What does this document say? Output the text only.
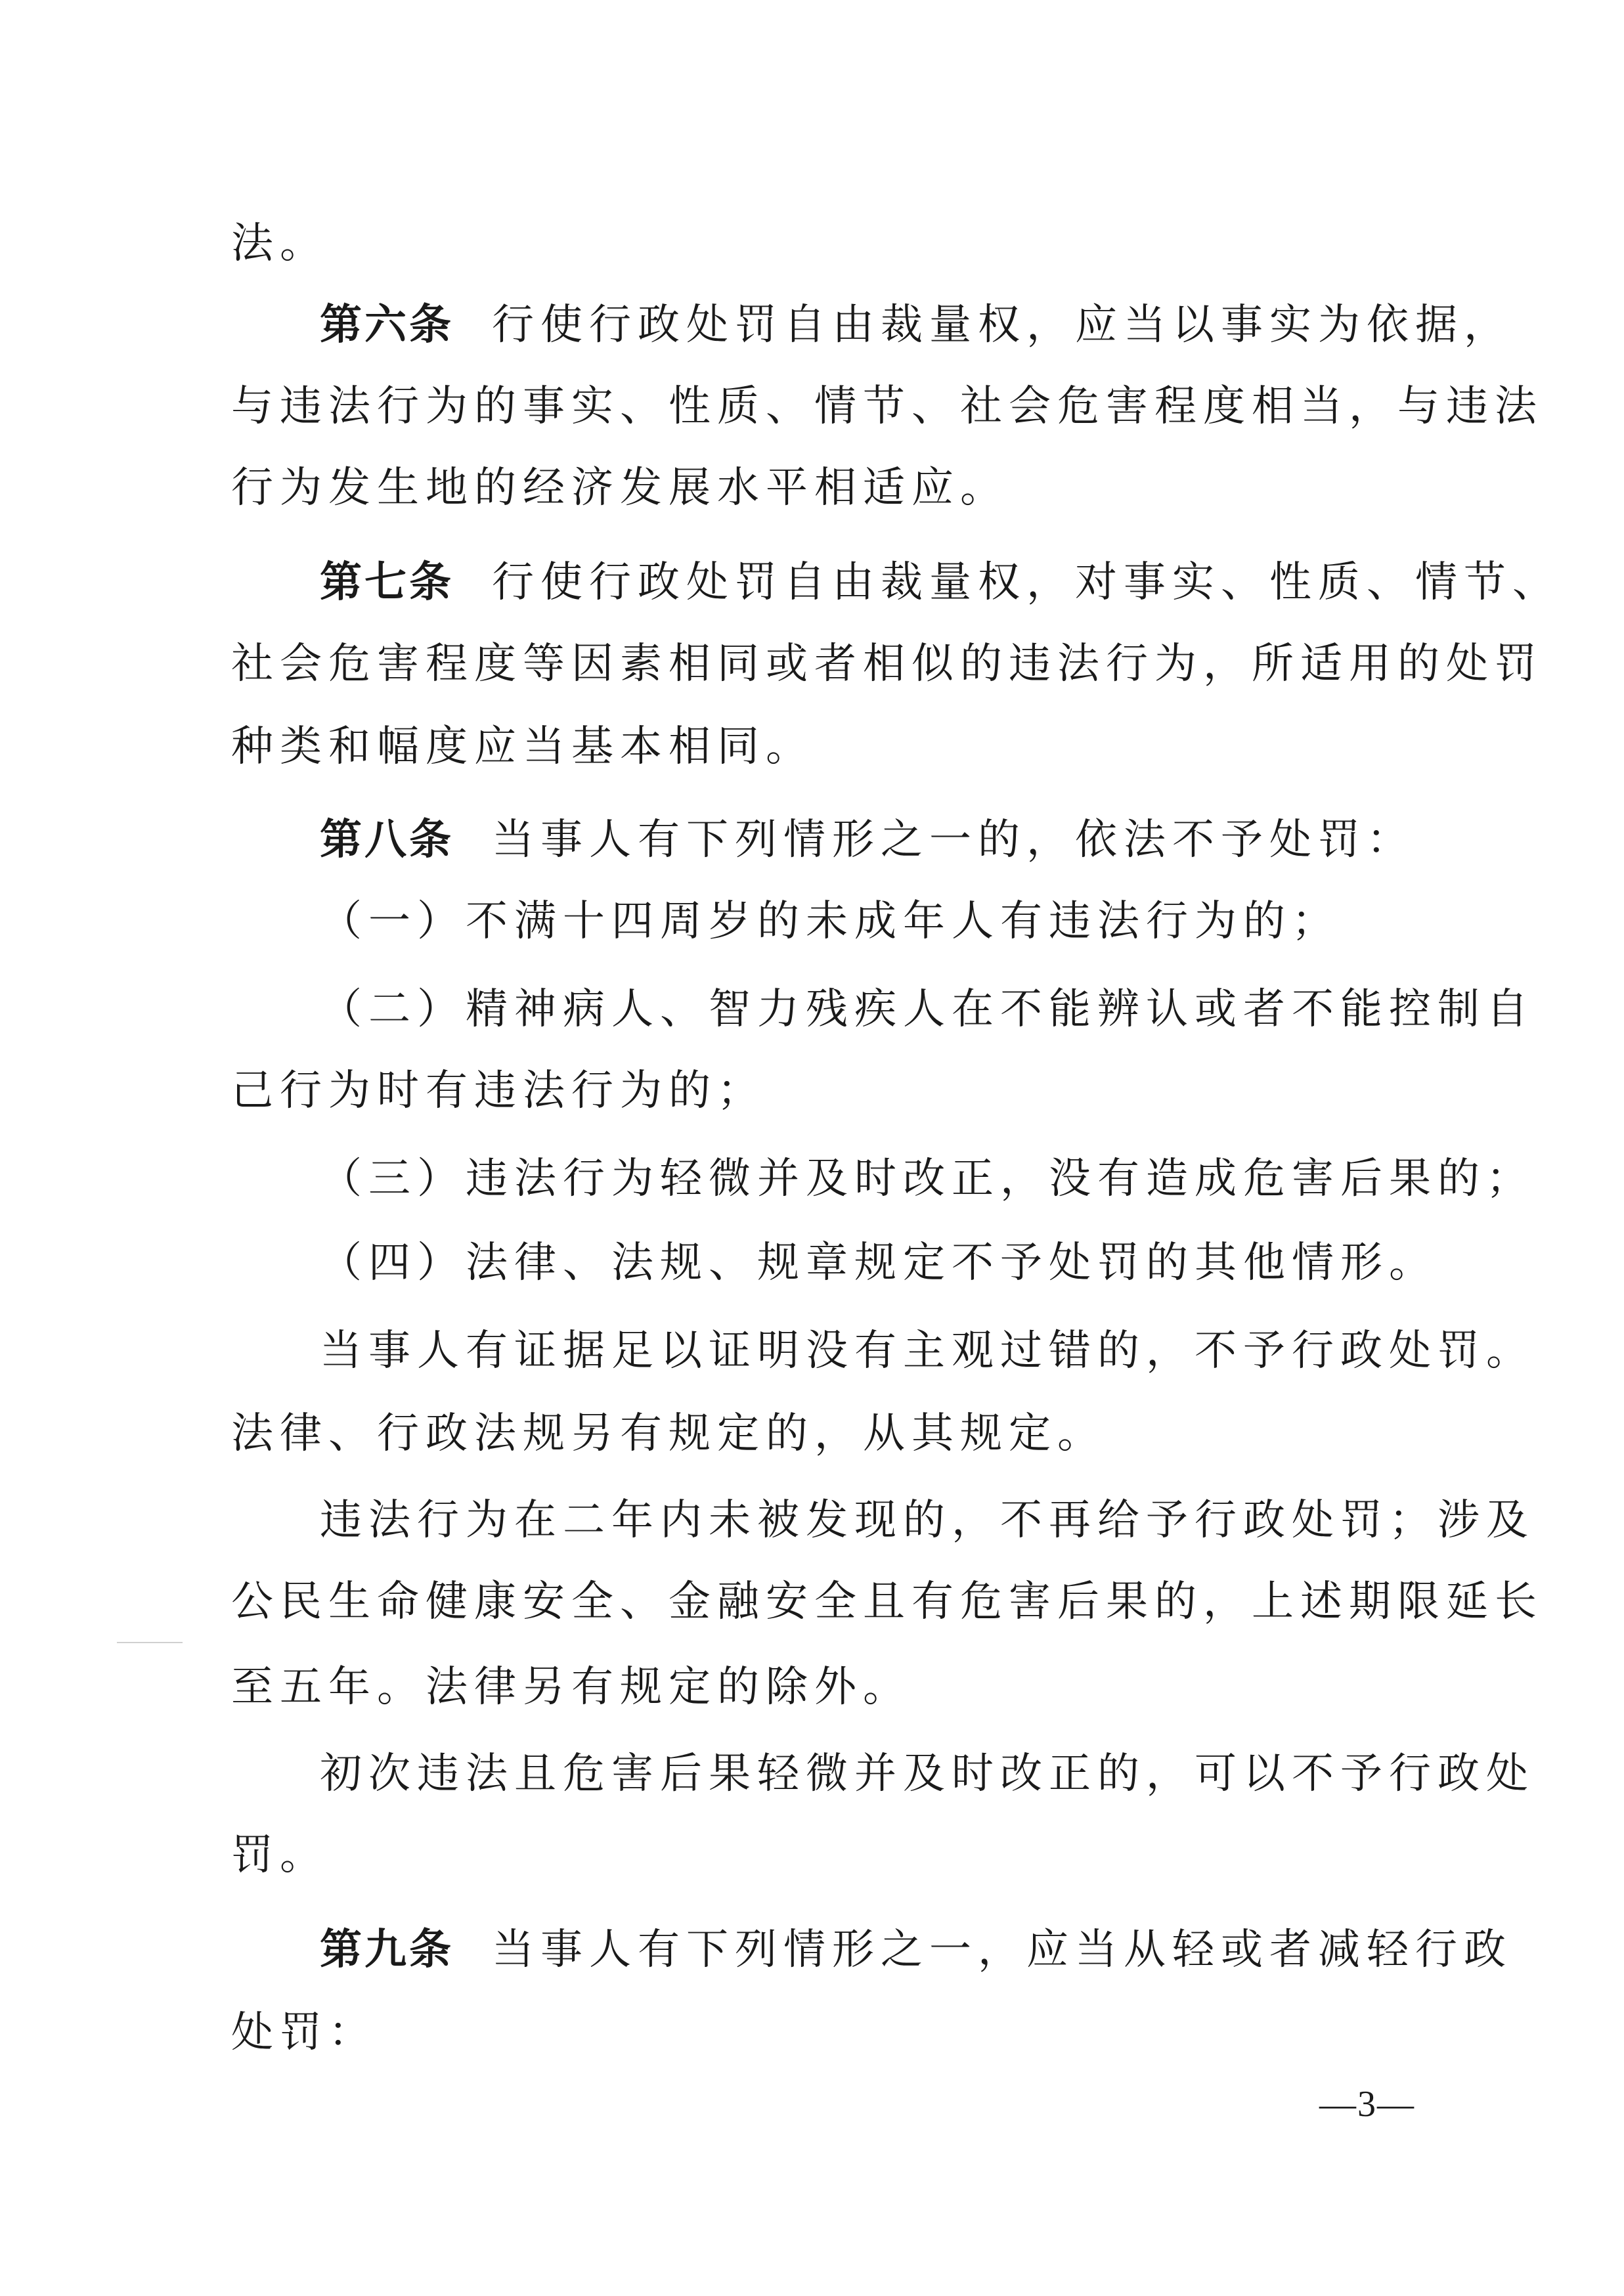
法。
第六条 行使行政处罚自由裁量权，应当以事实为依据，
与违法行为的事实、性质、情节、社会危害程度相当，与违法
行为发生地的经济发展水平相适应。
第七条 行使行政处罚自由裁量权，对事实、性质、情节、
社会危害程度等因素相同或者相似的违法行为，所适用的处罚
种类和幅度应当基本相同。
第八条 当事人有下列情形之一的，依法不予处罚：
（一）不满十四周岁的未成年人有违法行为的；
（二）精神病人、智力残疾人在不能辨认或者不能控制自
己行为时有违法行为的；
（三）违法行为轻微并及时改正，没有造成危害后果的；
（四）法律、法规、规章规定不予处罚的其他情形。
当事人有证据足以证明没有主观过错的，不予行政处罚。
法律、行政法规另有规定的，从其规定。
违法行为在二年内未被发现的，不再给予行政处罚；涉及
公民生命健康安全、金融安全且有危害后果的，上述期限延长
至五年。法律另有规定的除外。
初次违法且危害后果轻微并及时改正的，可以不予行政处
罚。
第九条 当事人有下列情形之一，应当从轻或者减轻行政
处罚：
—3—
